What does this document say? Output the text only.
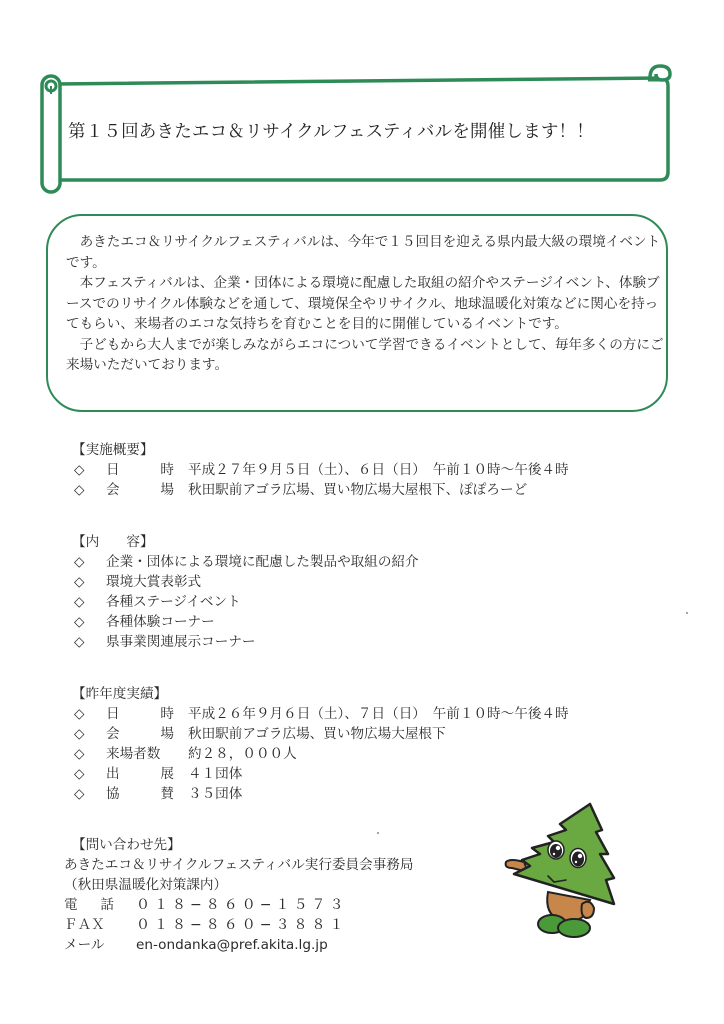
第１５回あきたエコ＆リサイクルフェスティバルを開催します！！

　あきたエコ＆リサイクルフェスティバルは、今年で１５回目を迎える県内最大級の環境イベントです。

　本フェスティバルは、企業・団体による環境に配慮した取組の紹介やステージイベント、体験ブースでのリサイクル体験などを通して、環境保全やリサイクル、地球温暖化対策などに関心を持ってもらい、来場者のエコな気持ちを育むことを目的に開催しているイベントです。

　子どもから大人までが楽しみながらエコについて学習できるイベントとして、毎年多くの方にご来場いただいております。

【実施概要】
◇	日	時 平成２７年９月５日（土）、６日（日）　午前１０時～午後４時
◇	会	場 秋田駅前アゴラ広場、買い物広場大屋根下、ぽぽろーど
【内　　容】
◇	企業・団体による環境に配慮した製品や取組の紹介
◇	環境大賞表彰式
◇	各種ステージイベント
◇	各種体験コーナー
◇	県事業関連展示コーナー
【昨年度実績】
◇	日	時 平成２６年９月６日（土）、７日（日）　午前１０時～午後４時
◇	会	場 秋田駅前アゴラ広場、買い物広場大屋根下
◇	来場者数	約２８，０００人
◇	出	展 ４１団体
◇	協	賛 ３５団体
【問い合わせ先】
あきたエコ＆リサイクルフェスティバル実行委員会事務局
（秋田県温暖化対策課内）
電 話 ０１８−８６０−１５７３
ＦＡＸ	０１８−８６０−３８８１
メール	en-ondanka@pref.akita.lg.jp
